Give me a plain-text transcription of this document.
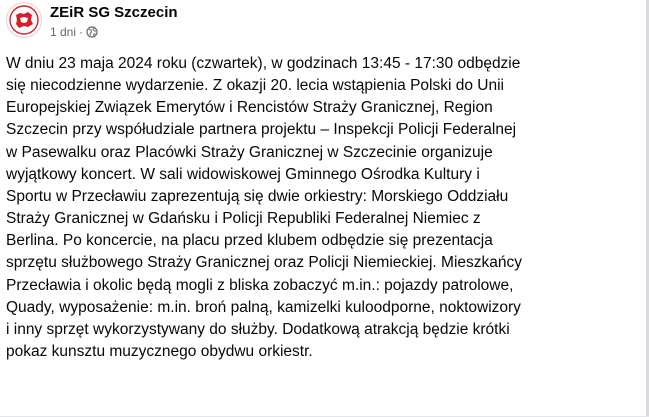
ZEiR SG Szczecin
1 dni ·
W dniu 23 maja 2024 roku (czwartek), w godzinach 13:45 - 17:30 odbędzie
się niecodzienne wydarzenie. Z okazji 20. lecia wstąpienia Polski do Unii
Europejskiej Związek Emerytów i Rencistów Straży Granicznej, Region
Szczecin przy współudziale partnera projektu – Inspekcji Policji Federalnej
w Pasewalku oraz Placówki Straży Granicznej w Szczecinie organizuje
wyjątkowy koncert. W sali widowiskowej Gminnego Ośrodka Kultury i
Sportu w Przecławiu zaprezentują się dwie orkiestry: Morskiego Oddziału
Straży Granicznej w Gdańsku i Policji Republiki Federalnej Niemiec z
Berlina. Po koncercie, na placu przed klubem odbędzie się prezentacja
sprzętu służbowego Straży Granicznej oraz Policji Niemieckiej. Mieszkańcy
Przecławia i okolic będą mogli z bliska zobaczyć m.in.: pojazdy patrolowe,
Quady, wyposażenie: m.in. broń palną, kamizelki kuloodporne, noktowizory
i inny sprzęt wykorzystywany do służby. Dodatkową atrakcją będzie krótki
pokaz kunsztu muzycznego obydwu orkiestr.
